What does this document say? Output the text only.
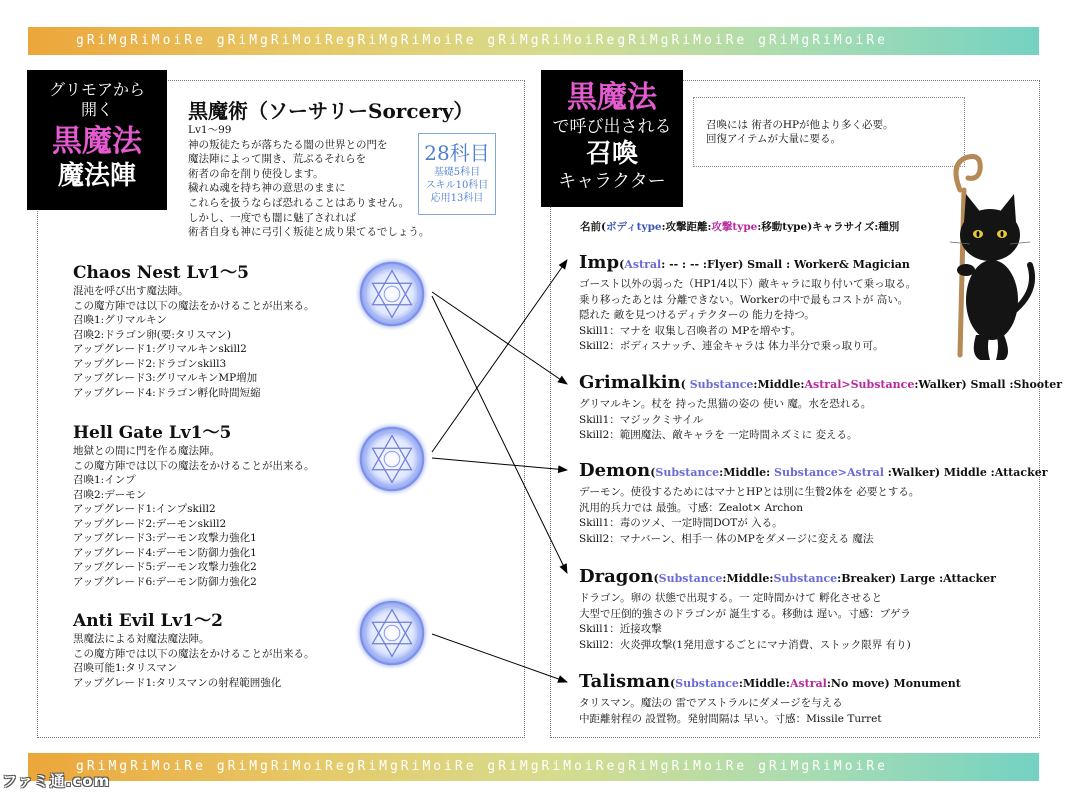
gRiMgRiMoiRe gRiMgRiMoiRegRiMgRiMoiRe gRiMgRiMoiRegRiMgRiMoiRe gRiMgRiMoiRe
gRiMgRiMoiRe gRiMgRiMoiRegRiMgRiMoiRe gRiMgRiMoiRegRiMgRiMoiRe gRiMgRiMoiRe
グリモアから
開く
黒魔法
魔法陣
黒魔法
で呼び出される
召喚
キャラクター
黒魔術（ソーサリーSorcery）
Lv1〜99
神の叛徒たちが落ちたる闇の世界との門を
魔法陣によって開き、荒ぶるそれらを
術者の命を削り使役します。
穢れぬ魂を持ち神の意思のままに
これらを扱うならば恐れることはありません。
しかし、一度でも闇に魅了されれば
術者自身も神に弓引く叛徒と成り果てるでしょう。
28科目
基礎5科目
スキル10科目
応用13科目
Chaos Nest Lv1〜5
混沌を呼び出す魔法陣。
この魔方陣では以下の魔法をかけることが出来る。
召喚1:グリマルキン
召喚2:ドラゴン卵(要:タリスマン)
アップグレード1:グリマルキンskill2
アップグレード2:ドラゴンskill3
アップグレード3:グリマルキンMP増加
アップグレード4:ドラゴン孵化時間短縮
Hell Gate Lv1〜5
地獄との間に門を作る魔法陣。
この魔方陣では以下の魔法をかけることが出来る。
召喚1:インプ
召喚2:デーモン
アップグレード1:インプskill2
アップグレード2:デーモンskill2
アップグレード3:デーモン攻撃力強化1
アップグレード4:デーモン防御力強化1
アップグレード5:デーモン攻撃力強化2
アップグレード6:デーモン防御力強化2
Anti Evil Lv1〜2
黒魔法による対魔法魔法陣。
この魔方陣では以下の魔法をかけることが出来る。
召喚可能1:タリスマン
アップグレード1:タリスマンの射程範囲強化
召喚には 術者のHPが他より多く必要。
回復アイテムが大量に要る。
名前(ボディtype:攻撃距離:攻撃type:移動type)キャラサイズ:種別
Imp(Astral: -- : -- :Flyer) Small : Worker& Magician
ゴースト以外の弱った（HP1/4以下）敵キャラに取り付いて乗っ取る。
乗り移ったあとは 分離できない。Workerの中で最もコストが 高い。
隠れた 敵を見つけるディテクターの 能力を持つ。
Skill1：マナを 収集し召喚者の MPを増やす。
Skill2：ボディスナッチ、連金キャラは 体力半分で乗っ取り可。
Grimalkin( Substance:Middle:Astral>Substance:Walker) Small :Shooter
グリマルキン。杖を 持った黒猫の姿の 使い 魔。水を恐れる。
Skill1：マジックミサイル
Skill2：範囲魔法、敵キャラを 一定時間ネズミに 変える。
Demon(Substance:Middle: Substance>Astral :Walker) Middle :Attacker
デーモン。使役するためにはマナとHPとは別に生贄2体を 必要とする。
汎用的兵力では 最強。寸感：Zealot× Archon
Skill1：毒のツメ、一定時間DOTが 入る。
Skill2：マナバーン、相手一 体のMPをダメージに変える 魔法
Dragon(Substance:Middle:Substance:Breaker) Large :Attacker
ドラゴン。卵の 状態で出現する。一 定時間かけて 孵化させると
大型で圧倒的強さのドラゴンが 誕生する。移動は 遅い。寸感：ブゲラ
Skill1：近接攻撃
Skill2：火炎弾攻撃(1発用意するごとにマナ消費、ストック限界 有り)
Talisman(Substance:Middle:Astral:No move) Monument
タリスマン。魔法の 雷でアストラルにダメージを与える
中距離射程の 設置物。発射間隔は 早い。寸感：Missile Turret
ファミ通.com
